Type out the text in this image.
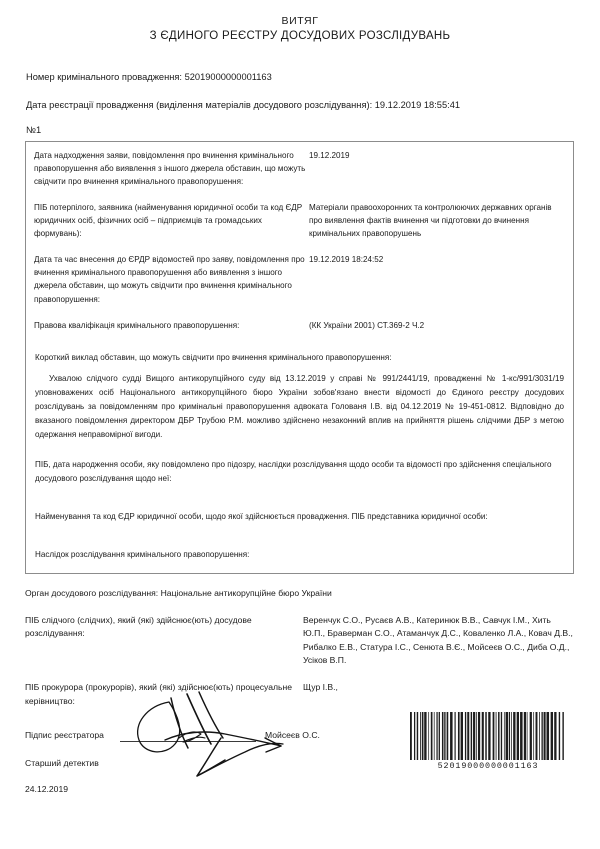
ВИТЯГ
З ЄДИНОГО РЕЄСТРУ ДОСУДОВИХ РОЗСЛІДУВАНЬ
Номер кримінального провадження: 52019000000001163
Дата реєстрації провадження (виділення матеріалів досудового розслідування): 19.12.2019 18:55:41
№1
Дата надходження заяви, повідомлення про вчинення кримінального правопорушення або виявлення з іншого джерела обставин, що можуть свідчити про вчинення кримінального правопорушення:
19.12.2019
ПІБ потерпілого, заявника (найменування юридичної особи та код ЄДР юридичних осіб, фізичних осіб – підприємців та громадських формувань):
Матеріали правоохоронних та контролюючих державних органів про виявлення фактів вчинення чи підготовки до вчинення кримінальних правопорушень
Дата та час внесення до ЄРДР відомостей про заяву, повідомлення про вчинення кримінального правопорушення або виявлення з іншого джерела обставин, що можуть свідчити про вчинення кримінального правопорушення:
19.12.2019 18:24:52
Правова кваліфікація кримінального правопорушення:	(КК України 2001) СТ.369-2 Ч.2
Короткий виклад обставин, що можуть свідчити про вчинення кримінального правопорушення:

Ухвалою слідчого судді Вищого антикорупційного суду від 13.12.2019 у справі № 991/2441/19, провадженні № 1-кс/991/3031/19 уповноважених осіб Національного антикорупційного бюро України зобов'язано внести відомості до Єдиного реєстру досудових розслідувань за повідомленням про кримінальні правопорушення адвоката Голованя І.В. від 04.12.2019 № 19-451-0812. Відповідно до вказаного повідомлення директором ДБР Трубою Р.М. можливо здійснено незаконний вплив на прийняття рішень слідчими ДБР з метою одержання неправомірної вигоди.

ПІБ, дата народження особи, яку повідомлено про підозру, наслідки розслідування щодо особи та відомості про здійснення спеціального досудового розслідування щодо неї:
Найменування та код ЄДР юридичної особи, щодо якої здійснюється провадження. ПІБ представника юридичної особи:
Наслідок розслідування кримінального правопорушення:
Орган досудового розслідування: Національне антикорупційне бюро України
ПІБ слідчого (слідчих), який (які) здійснює(ють) досудове розслідування:
Веренчук С.О., Русаєв А.В., Катеринюк В.В., Савчук І.М., Хить Ю.П., Браверман С.О., Атаманчук Д.С., Коваленко Л.А., Ковач Д.В., Рибалко Е.В., Статура І.С., Сенюта В.Є., Мойсеєв О.С., Диба О.Д., Усіков В.П.
ПІБ прокурора (прокурорів), який (які) здійснює(ють) процесуальне керівництво:
Щур І.В.,
Підпис реєстратора	Мойсеєв О.С.
Старший детектив
24.12.2019
52019000000001163
